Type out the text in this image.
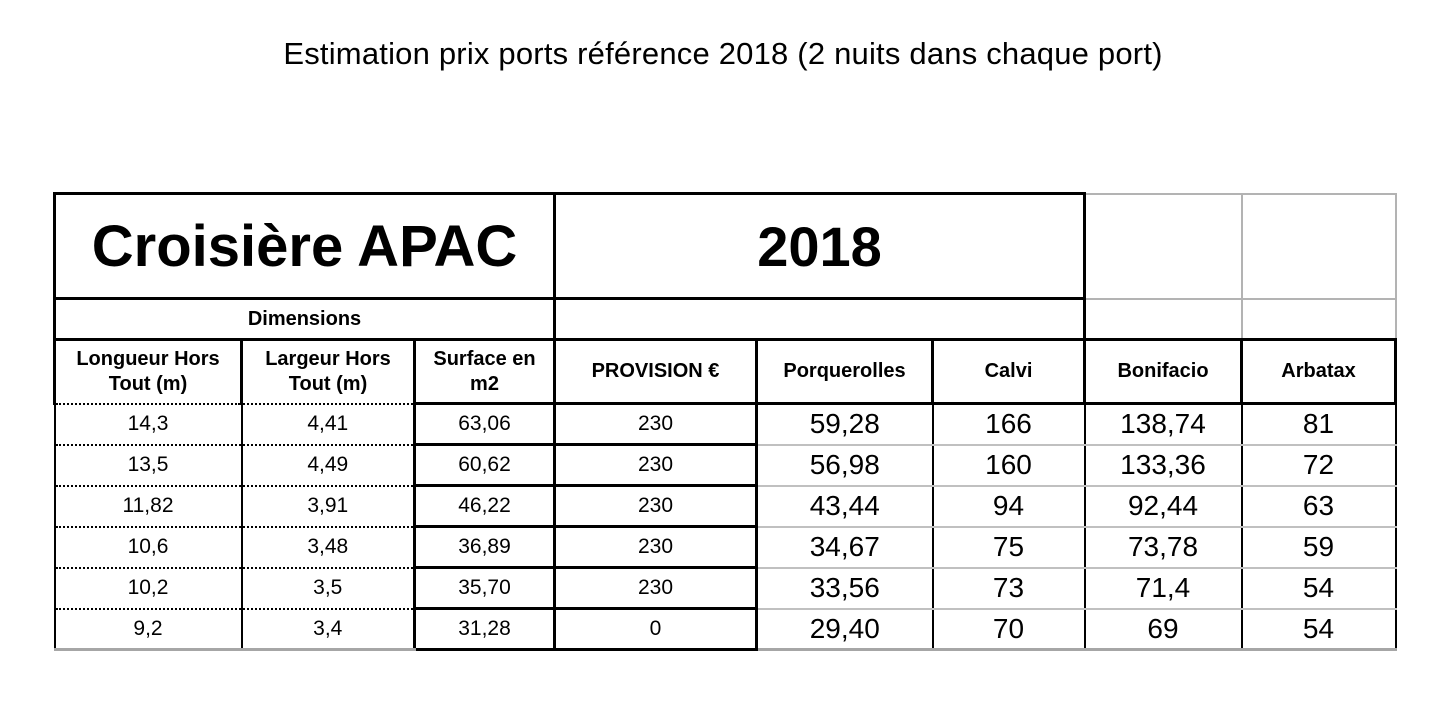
Estimation prix ports référence 2018 (2 nuits dans chaque port)
Croisière APAC			2018				
Dimensions							
Longueur Hors Tout (m)	Largeur Hors Tout (m)	Surface en m2	PROVISION €	Porquerolles	Calvi	Bonifacio	Arbatax
14,3	4,41	63,06	230	59,28	166	138,74	81
13,5	4,49	60,62	230	56,98	160	133,36	72
11,82	3,91	46,22	230	43,44	94	92,44	63
10,6	3,48	36,89	230	34,67	75	73,78	59
10,2	3,5	35,70	230	33,56	73	71,4	54
9,2	3,4	31,28	0	29,40	70	69	54
